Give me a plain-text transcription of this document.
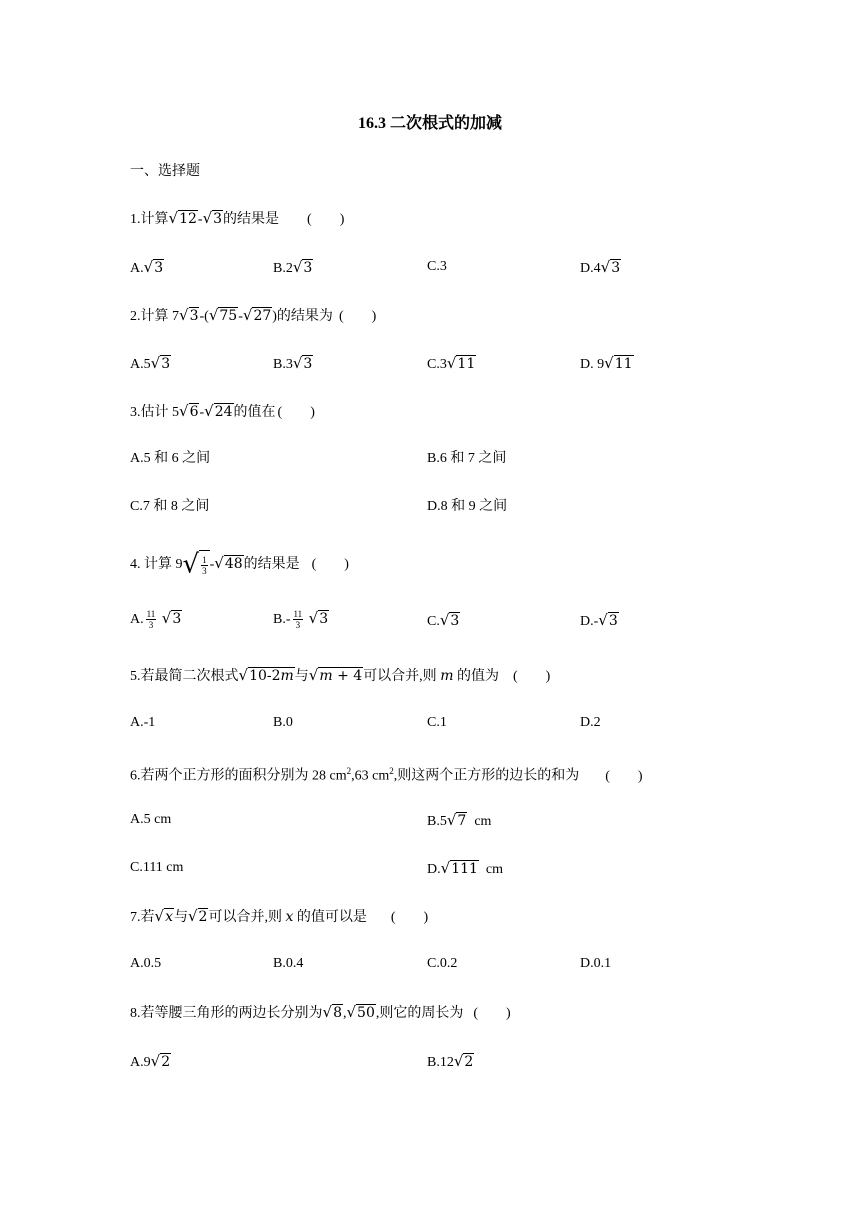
16.3 二次根式的加减
一、选择题
1.计算√12-√3的结果是 (　　)
A.√3	B.2√3	C.3	D.4√3
2.计算 7√3-(√75-√27)的结果为 (　　)
A.5√3	B.3√3	C.3√11	D. 9√11
3.估计 5√6-√24的值在 (　　)
A.5 和 6 之间	B.6 和 7 之间
C.7 和 8 之间	D.8 和 9 之间
4. 计算 $9√ \frac{1}{3} -√48$的结果是 (　　)
A. $\frac{11}{3} √3$	$B.- \frac{11}{3} √3$	C.√3	D.-√3
5.若最简二次根式√10-2m与√m + 4可以合并,则 m 的值为 (　　)
A.-1	B.0	C.1	D.2
6.若两个正方形的面积分别为 28 $cm^2,63$ $cm^2$,则这两个正方形的边长的和为 (　　)
A.5 cm	B.5√7  cm
C.111 cm	D.√111  cm
7.若√x与√2可以合并,则 x 的值可以是 (　　)
A.0.5	B.0.4	C.0.2	D.0.1
8.若等腰三角形的两边长分别为√8,√50,则它的周长为 (　　)
A.9√2	B.12√2
